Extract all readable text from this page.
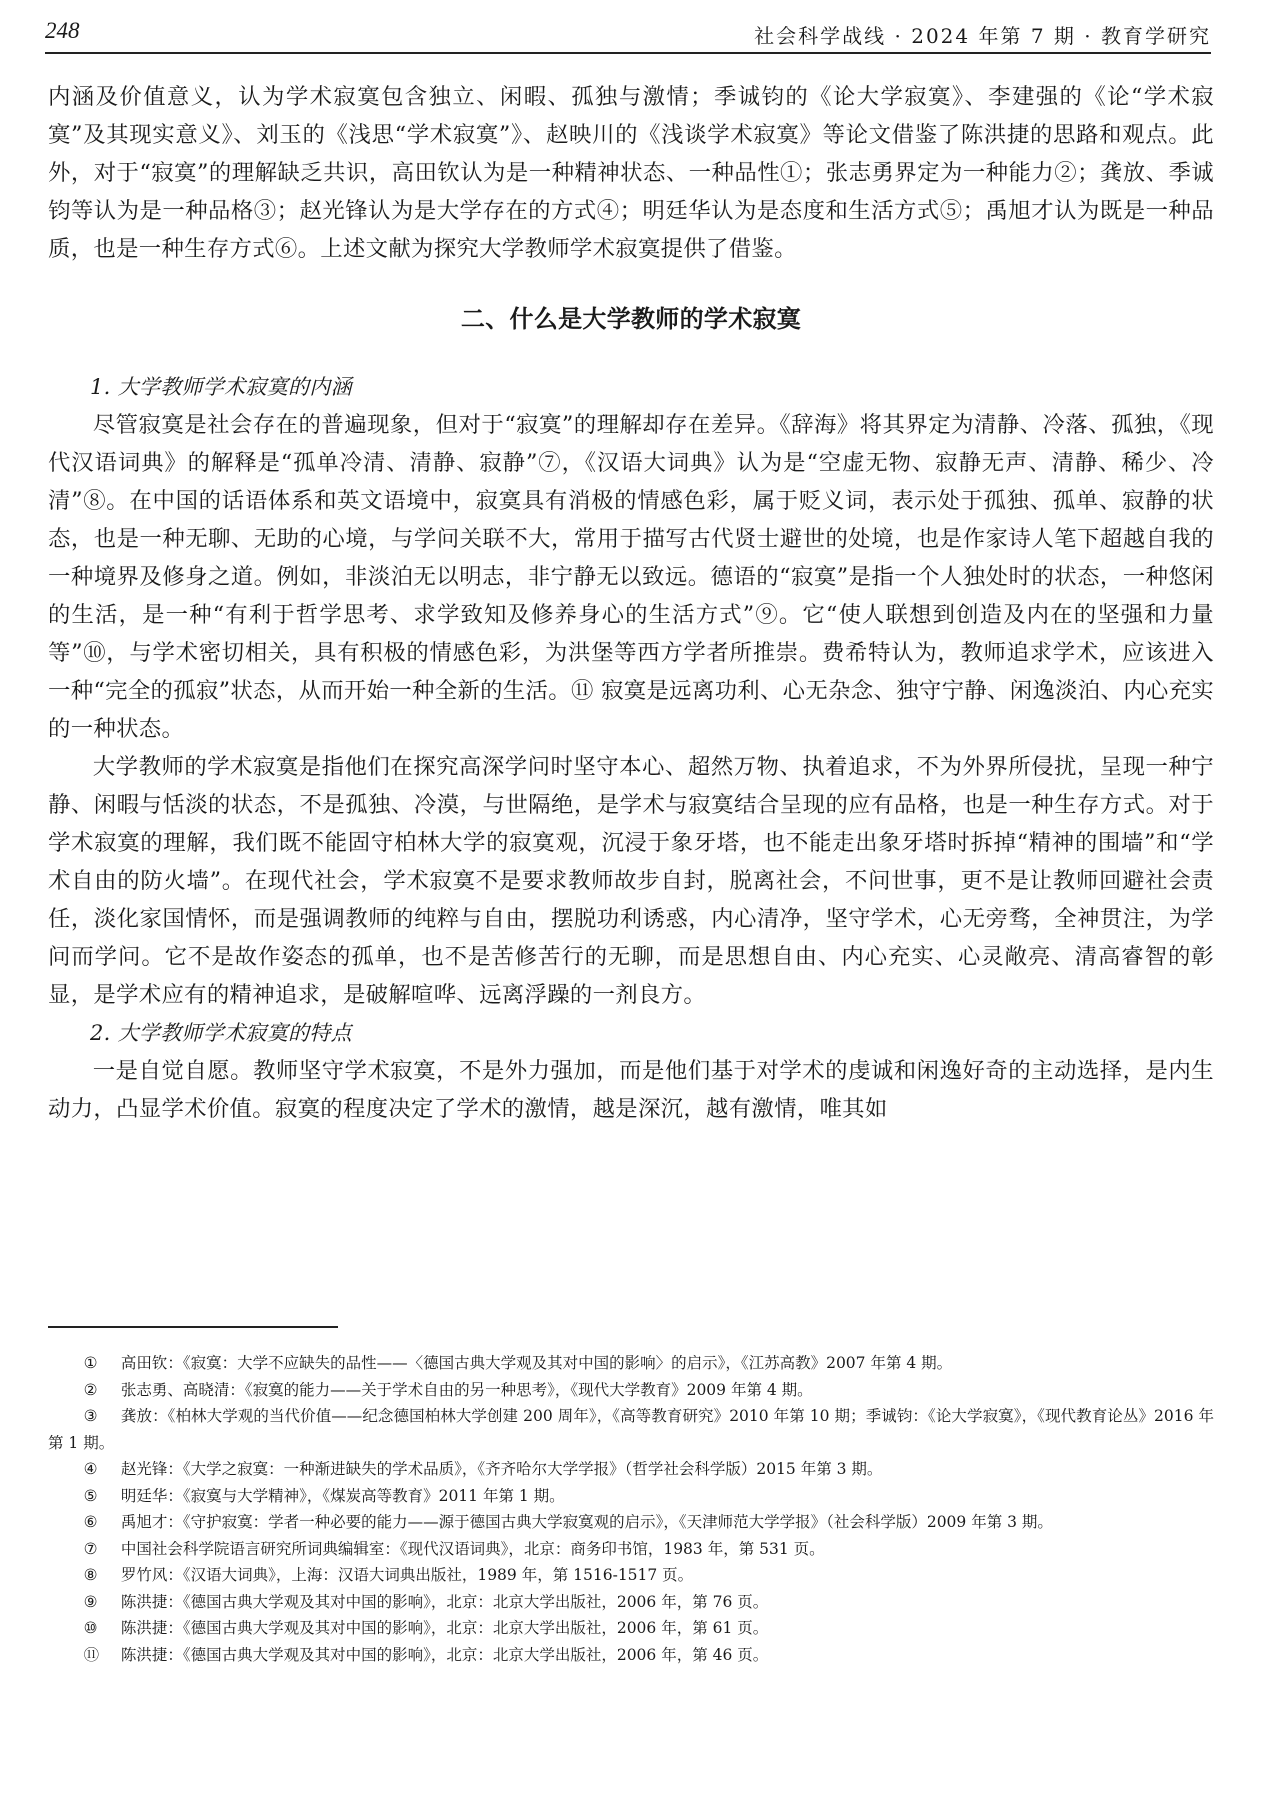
248	社会科学战线 · 2024 年第 7 期 · 教育学研究

内涵及价值意义，认为学术寂寞包含独立、闲暇、孤独与激情；季诚钧的《论大学寂寞》、李建强的《论“学术寂寞”及其现实意义》、刘玉的《浅思“学术寂寞”》、赵映川的《浅谈学术寂寞》等论文借鉴了陈洪捷的思路和观点。此外，对于“寂寞”的理解缺乏共识，高田钦认为是一种精神状态、一种品性①；张志勇界定为一种能力②；龚放、季诚钧等认为是一种品格③；赵光锋认为是大学存在的方式④；明廷华认为是态度和生活方式⑤；禹旭才认为既是一种品质，也是一种生存方式⑥。上述文献为探究大学教师学术寂寞提供了借鉴。

二、什么是大学教师的学术寂寞

1. 大学教师学术寂寞的内涵

尽管寂寞是社会存在的普遍现象，但对于“寂寞”的理解却存在差异。《辞海》将其界定为清静、冷落、孤独，《现代汉语词典》的解释是“孤单冷清、清静、寂静”⑦，《汉语大词典》认为是“空虚无物、寂静无声、清静、稀少、冷清”⑧。在中国的话语体系和英文语境中，寂寞具有消极的情感色彩，属于贬义词，表示处于孤独、孤单、寂静的状态，也是一种无聊、无助的心境，与学问关联不大，常用于描写古代贤士避世的处境，也是作家诗人笔下超越自我的一种境界及修身之道。例如，非淡泊无以明志，非宁静无以致远。德语的“寂寞”是指一个人独处时的状态，一种悠闲的生活，是一种“有利于哲学思考、求学致知及修养身心的生活方式”⑨。它“使人联想到创造及内在的坚强和力量等”⑩，与学术密切相关，具有积极的情感色彩，为洪堡等西方学者所推崇。费希特认为，教师追求学术，应该进入一种“完全的孤寂”状态，从而开始一种全新的生活。⑪ 寂寞是远离功利、心无杂念、独守宁静、闲逸淡泊、内心充实的一种状态。

大学教师的学术寂寞是指他们在探究高深学问时坚守本心、超然万物、执着追求，不为外界所侵扰，呈现一种宁静、闲暇与恬淡的状态，不是孤独、冷漠，与世隔绝，是学术与寂寞结合呈现的应有品格，也是一种生存方式。对于学术寂寞的理解，我们既不能固守柏林大学的寂寞观，沉浸于象牙塔，也不能走出象牙塔时拆掉“精神的围墙”和“学术自由的防火墙”。在现代社会，学术寂寞不是要求教师故步自封，脱离社会，不问世事，更不是让教师回避社会责任，淡化家国情怀，而是强调教师的纯粹与自由，摆脱功利诱惑，内心清净，坚守学术，心无旁骛，全神贯注，为学问而学问。它不是故作姿态的孤单，也不是苦修苦行的无聊，而是思想自由、内心充实、心灵敞亮、清高睿智的彰显，是学术应有的精神追求，是破解喧哗、远离浮躁的一剂良方。

2. 大学教师学术寂寞的特点

一是自觉自愿。教师坚守学术寂寞，不是外力强加，而是他们基于对学术的虔诚和闲逸好奇的主动选择，是内生动力，凸显学术价值。寂寞的程度决定了学术的激情，越是深沉，越有激情，唯其如

① 高田钦：《寂寞：大学不应缺失的品性——〈德国古典大学观及其对中国的影响〉的启示》，《江苏高教》2007 年第 4 期。

② 张志勇、高晓清：《寂寞的能力——关于学术自由的另一种思考》，《现代大学教育》2009 年第 4 期。

③ 龚放：《柏林大学观的当代价值——纪念德国柏林大学创建 200 周年》，《高等教育研究》2010 年第 10 期；季诚钧：《论大学寂寞》，《现代教育论丛》2016 年第 1 期。

④ 赵光锋：《大学之寂寞：一种渐进缺失的学术品质》，《齐齐哈尔大学学报》（哲学社会科学版）2015 年第 3 期。

⑤ 明廷华：《寂寞与大学精神》，《煤炭高等教育》2011 年第 1 期。

⑥ 禹旭才：《守护寂寞：学者一种必要的能力——源于德国古典大学寂寞观的启示》，《天津师范大学学报》（社会科学版）2009 年第 3 期。

⑦ 中国社会科学院语言研究所词典编辑室：《现代汉语词典》，北京：商务印书馆，1983 年，第 531 页。

⑧ 罗竹风：《汉语大词典》，上海：汉语大词典出版社，1989 年，第 1516-1517 页。

⑨ 陈洪捷：《德国古典大学观及其对中国的影响》，北京：北京大学出版社，2006 年，第 76 页。

⑩ 陈洪捷：《德国古典大学观及其对中国的影响》，北京：北京大学出版社，2006 年，第 61 页。

⑪ 陈洪捷：《德国古典大学观及其对中国的影响》，北京：北京大学出版社，2006 年，第 46 页。
